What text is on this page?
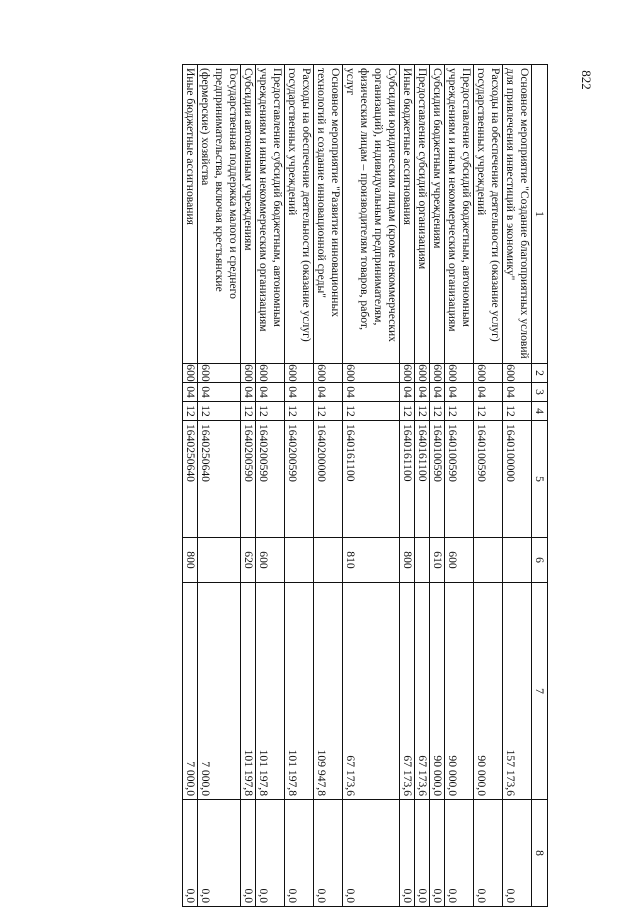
822
1	2	3	4	5	6	7	8
Основное мероприятие "Создание благоприятных условий для привлечения инвестиций в экономику"	600	04	12	1640100000		157 173,6	0,0
Расходы на обеспечение деятельности (оказание услуг) государственных учреждений	600	04	12	1640100590		90 000,0	0,0
Предоставление субсидий бюджетным, автономным учреждениям и иным некоммерческим организациям	600	04	12	1640100590	600	90 000,0	0,0
Субсидии бюджетным учреждениям	600	04	12	1640100590	610	90 000,0	0,0
Предоставление субсидий организациям	600	04	12	1640161100		67 173,6	0,0
Иные бюджетные ассигнования	600	04	12	1640161100	800	67 173,6	0,0
Субсидии юридическим лицам (кроме некоммерческих организаций), индивидуальным предпринимателям, физическим лицам – производителям товаров, работ, услуг	600	04	12	1640161100	810	67 173,6	0,0
Основное мероприятие "Развитие инновационных технологий и создание инновационной среды"	600	04	12	1640200000		109 947,8	0,0
Расходы на обеспечение деятельности (оказание услуг) государственных учреждений	600	04	12	1640200590		101 197,8	0,0
Предоставление субсидий бюджетным, автономным учреждениям и иным некоммерческим организациям	600	04	12	1640200590	600	101 197,8	0,0
Субсидии автономным учреждениям	600	04	12	1640200590	620	101 197,8	0,0
Государственная поддержка малого и среднего предпринимательства, включая крестьянские (фермерские) хозяйства	600	04	12	1640250640		7 000,0	0,0
Иные бюджетные ассигнования	600	04	12	1640250640	800	7 000,0	0,0
